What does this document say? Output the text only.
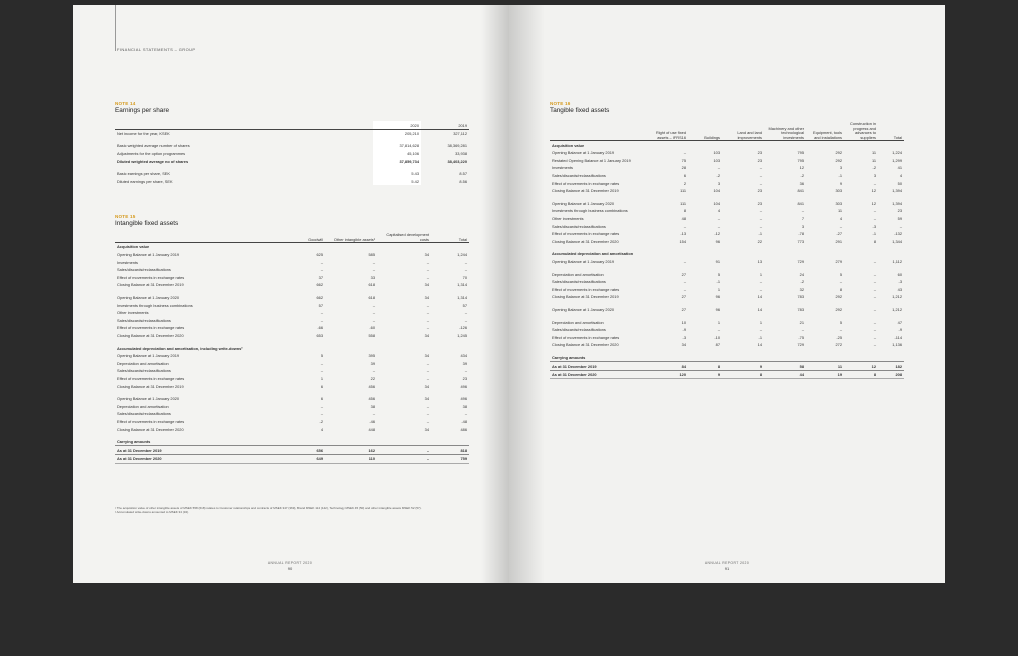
FINANCIAL STATEMENTS – GROUP
NOTE 14
Earnings per share
	2020	2019
Net income for the year, KSEK	205,210	327,112

Basic weighted average number of shares	37,814,628	38,369,281
Adjustments for the option programmes	45,106	33,938
Diluted weighted average no of shares	37,859,734	38,403,220

Basic earnings per share, SEK	5.43	8.57
Diluted earnings per share, SEK	5.42	8.56
NOTE 15
Intangible fixed assets
	Goodwill	Other intangible assets¹	Capitalised development costs	Total
Acquisition value				
Opening Balance at 1 January 2019	625	585	34	1,244
Investments	–	–	–	–
Sales/discards/reclassifications	–	–	–	–
Effect of movements in exchange rates	37	33	–	70
Closing Balance at 31 December 2019	662	618	34	1,314

Opening Balance at 1 January 2020	662	618	34	1,314
Investments through business combinations	57	–	–	57
Other investments	–	–	–	–
Sales/discards/reclassifications	–	–	–	–
Effect of movements in exchange rates	-66	-60	–	-126
Closing Balance at 31 December 2020	653	558	34	1,245

Accumulated depreciation and amortisation, including write-downs²				
Opening Balance at 1 January 2019	5	395	34	434
Depreciation and amortisation	–	39	–	39
Sales/discards/reclassifications	–	–	–	–
Effect of movements in exchange rates	1	22	–	23
Closing Balance at 31 December 2019	6	456	34	496

Opening Balance at 1 January 2020	6	456	34	496
Depreciation and amortisation	–	38	–	38
Sales/discards/reclassifications	–	–	–	–
Effect of movements in exchange rates	-2	-46	–	-48
Closing Balance at 31 December 2020	4	448	34	486

Carrying amounts				
As at 31 December 2019	656	162	–	818
As at 31 December 2020	649	110	–	759
¹ The acquisition value of other intangible assets of MSEK 558 (618) relates to Customer relationships and contracts of MSEK 347 (369), Brand MSEK 114 (142), Technology MSEK 45 (50) and other intangible assets MSEK 52 (57).
² Accumulated write-downs amounted to MSEK 34 (34).
ANNUAL REPORT 2020
90
NOTE 16
Tangible fixed assets
	Right of use fixed assets – IFRS16	Buildings	Land and land improvements	Machinery and other technological investments	Equipment, tools and installations	Construction in progress and advances to suppliers	Total
Acquisition value							
Opening Balance at 1 January 2019	–	103	23	795	292	11	1,224
Restated Opening Balance at 1 January 2019	75	103	23	795	292	11	1,299
Investments	28	–	–	12	3	-2	41
Sales/discards/reclassifications	6	-2	–	-2	-1	3	4
Effect of movements in exchange rates	2	3	–	36	9	–	50
Closing Balance at 31 December 2019	111	104	23	841	303	12	1,394

Opening Balance at 1 January 2020	111	104	23	841	303	12	1,394
Investments through business combinations	8	4	–	–	11	–	23
Other investments	48	–	–	7	4	–	59
Sales/discards/reclassifications	–	–	–	3	–	-3	–
Effect of movements in exchange rates	-13	-12	-1	-78	-27	-1	-132
Closing Balance at 31 December 2020	154	96	22	773	291	8	1,344

Accumulated depreciation and amortisation							
Opening Balance at 1 January 2019	–	91	13	729	279	–	1,112

Depreciation and amortisation	27	5	1	24	5	–	60
Sales/discards/reclassifications	–	-1	–	-2	–	–	-3
Effect of movements in exchange rates	–	1	–	32	8	–	43
Closing Balance at 31 December 2019	27	96	14	783	292	–	1,212

Opening Balance at 1 January 2020	27	96	14	783	292	–	1,212

Depreciation and amortisation	10	1	1	21	5	–	47
Sales/discards/reclassifications	-9	–	–	–	–	–	-9
Effect of movements in exchange rates	-3	-10	-1	-75	-25	–	-114
Closing Balance at 31 December 2020	34	87	14	729	272	–	1,136

Carrying amounts							
As at 31 December 2019	84	8	9	58	11	12	182
As at 31 December 2020	120	9	8	44	19	8	208
ANNUAL REPORT 2020
91
